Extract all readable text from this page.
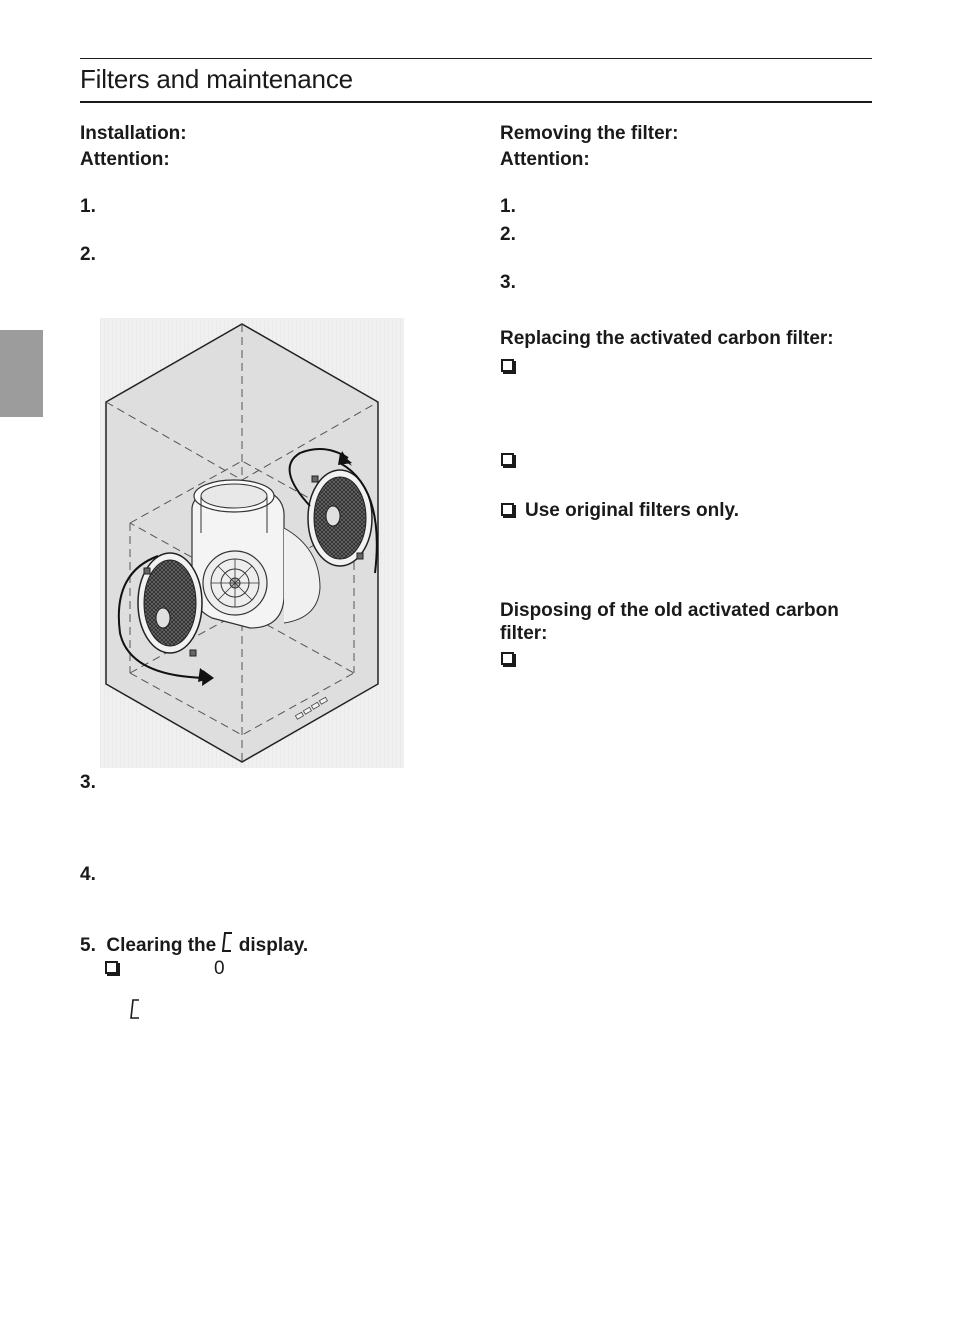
Filters and maintenance
Installation:
Attention:
1.
2.
3.
4.
5. Clearing the display.
0
Removing the filter:
Attention:
1.
2.
3.
Replacing the activated carbon filter:
Use original filters only.
Disposing of the old activated carbon filter:
